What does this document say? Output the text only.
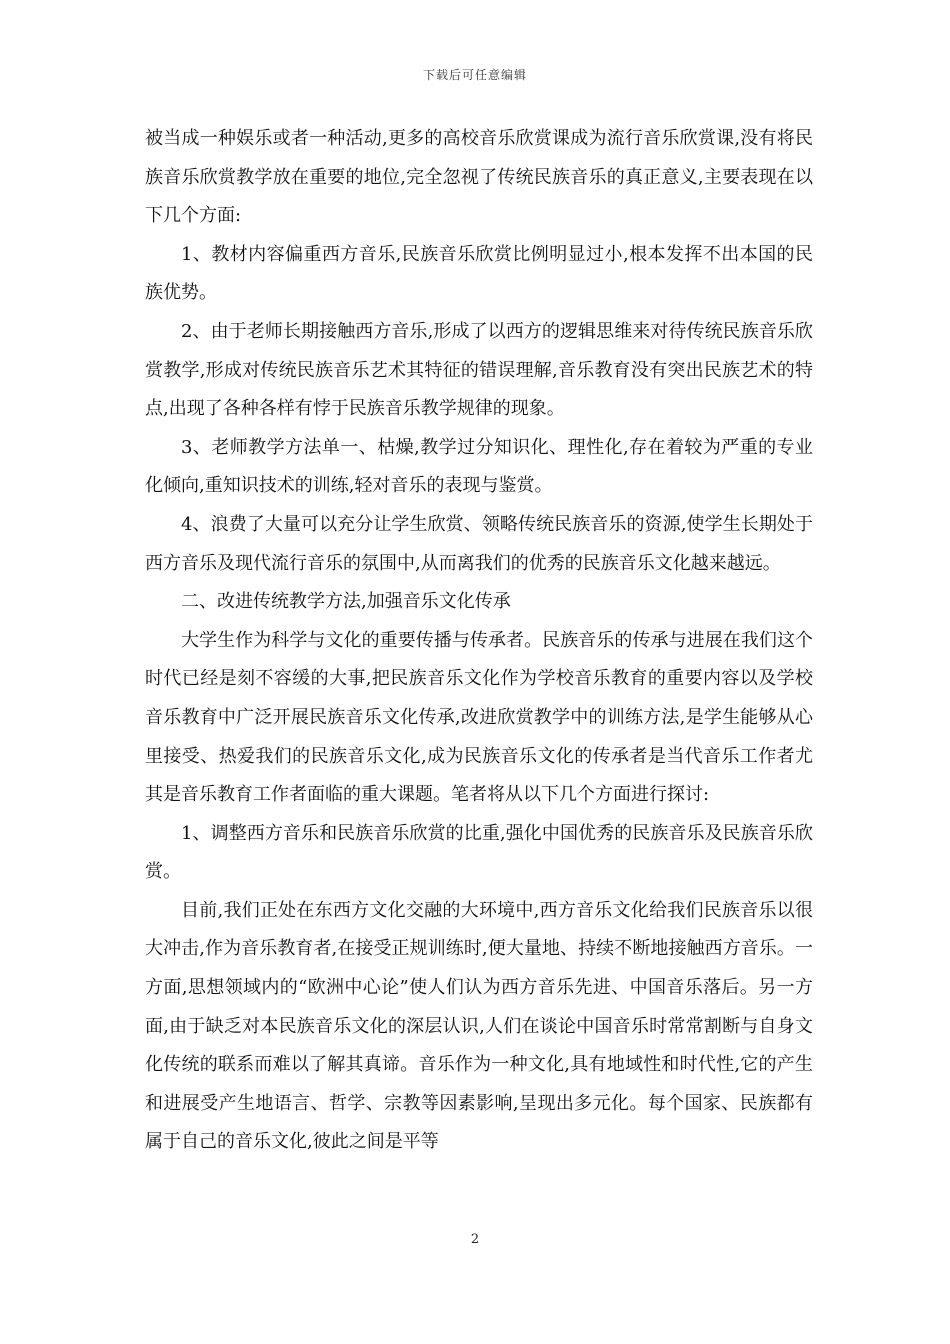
下载后可任意编辑

被当成一种娱乐或者一种活动,更多的高校音乐欣赏课成为流行音乐欣赏课,没有将民族音乐欣赏教学放在重要的地位,完全忽视了传统民族音乐的真正意义,主要表现在以下几个方面:

1、教材内容偏重西方音乐,民族音乐欣赏比例明显过小,根本发挥不出本国的民族优势。

2、由于老师长期接触西方音乐,形成了以西方的逻辑思维来对待传统民族音乐欣赏教学,形成对传统民族音乐艺术其特征的错误理解,音乐教育没有突出民族艺术的特点,出现了各种各样有悖于民族音乐教学规律的现象。

3、老师教学方法单一、枯燥,教学过分知识化、理性化,存在着较为严重的专业化倾向,重知识技术的训练,轻对音乐的表现与鉴赏。

4、浪费了大量可以充分让学生欣赏、领略传统民族音乐的资源,使学生长期处于西方音乐及现代流行音乐的氛围中,从而离我们的优秀的民族音乐文化越来越远。

二、改进传统教学方法,加强音乐文化传承

大学生作为科学与文化的重要传播与传承者。民族音乐的传承与进展在我们这个时代已经是刻不容缓的大事,把民族音乐文化作为学校音乐教育的重要内容以及学校音乐教育中广泛开展民族音乐文化传承,改进欣赏教学中的训练方法,是学生能够从心里接受、热爱我们的民族音乐文化,成为民族音乐文化的传承者是当代音乐工作者尤其是音乐教育工作者面临的重大课题。笔者将从以下几个方面进行探讨:

1、调整西方音乐和民族音乐欣赏的比重,强化中国优秀的民族音乐及民族音乐欣赏。

目前,我们正处在东西方文化交融的大环境中,西方音乐文化给我们民族音乐以很大冲击,作为音乐教育者,在接受正规训练时,便大量地、持续不断地接触西方音乐。一方面,思想领域内的“欧洲中心论”使人们认为西方音乐先进、中国音乐落后。另一方面,由于缺乏对本民族音乐文化的深层认识,人们在谈论中国音乐时常常割断与自身文化传统的联系而难以了解其真谛。音乐作为一种文化,具有地域性和时代性,它的产生和进展受产生地语言、哲学、宗教等因素影响,呈现出多元化。每个国家、民族都有属于自己的音乐文化,彼此之间是平等

2
